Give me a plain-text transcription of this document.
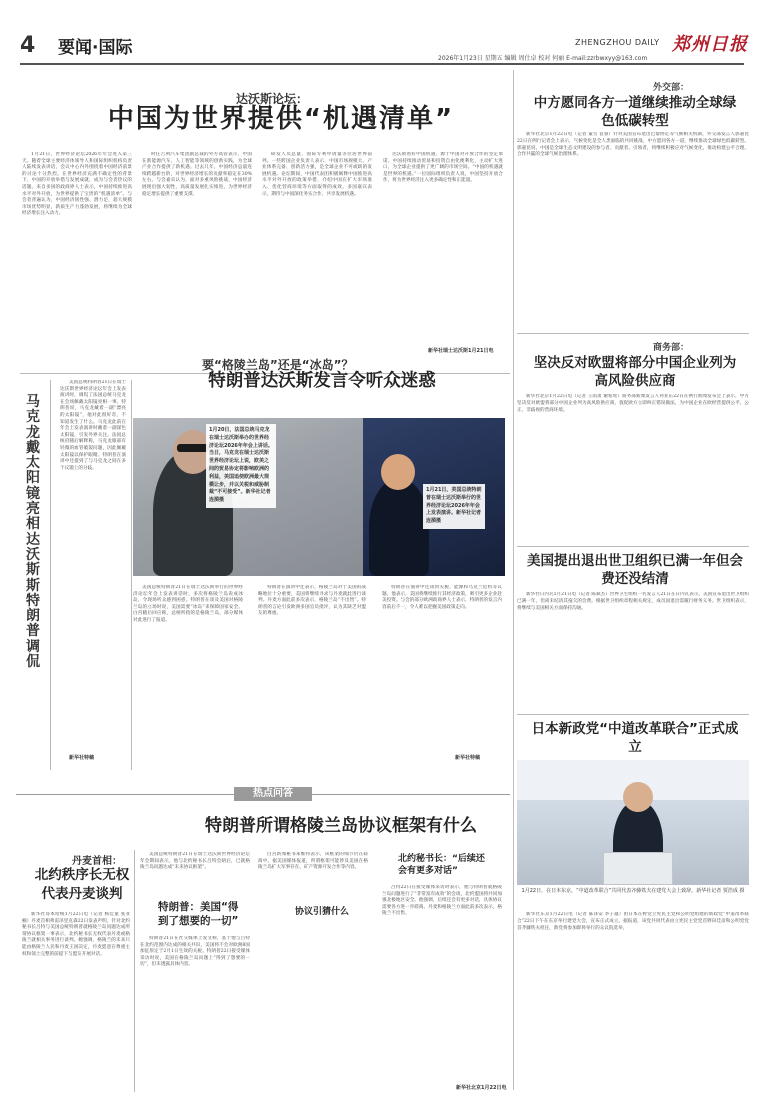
4 要闻·国际	ZHENGZHOU DAILY 郑州日报
2026年1月23日 星期五 编辑 周仕卓 校对 何丽 E-mail:zzrbwxyy@163.com
达沃斯论坛：
中国为世界提供“机遇清单”

1月21日，世界经济论坛2026年年会进入第三天。随着全球主要经济体领导人和国际组织机构负责人陆续发表讲话，会议中心内外围绕着中国经济前景的讨论十分热烈。在世界经济充满不确定性的背景下，中国的开放举措与发展成就，成为与会者热议的话题。来自多国的政商界人士表示，中国持续推进高水平对外开放，为世界提供了宝贵的“机遇清单”。与会者普遍认为，中国经济韧性强、潜力足，超大规模市场优势明显，新质生产力蓬勃发展，将继续为全球经济增长注入动力。

时任吉利汽车集团副总裁的外方高管表示，中国在新能源汽车、人工智能等领域的创新实践，为全球产业合作提供了新机遇。过去几年，中国经济总量连续跨越新台阶，对世界经济增长的贡献率稳定在30%左右。与会嘉宾认为，面对多重风险挑战，中国经济展现出强大韧性，高质量发展扎实推进，为世界经济稳定增长提供了重要支撑。

研发人员总量、国际专利申请量等位居世界前列。一些跨国企业负责人表示，中国市场规模大、产业体系完备、创新活力强，是全球企业不可或缺的发展机遇。论坛期间，中国代表团积极阐释中国推进高水平对外开放的政策举措，介绍中国在扩大市场准入、优化营商环境等方面取得的成效。多国嘉宾表示，期待与中国深化务实合作，共享发展机遇。

达沃斯看好中国机遇，源于中国对开放合作的坚定承诺。中国持续推动贸易和投资自由化便利化，主动扩大进口，为全球企业提供了更广阔的市场空间。“中国的机遇就是世界的机遇。”一位国际组织负责人说，中国坚持开放合作，将为世界经济注入更多确定性和正能量。

新华社瑞士达沃斯1月21日电
马克龙戴太阳镜亮相达沃斯斯特朗普调侃

美国总统特朗普21日在瑞士达沃斯世界经济论坛年会上发表演讲时，调侃了法国总统马克龙在会场佩戴太阳镜亮相一事。特朗普说，马克龙戴着一副“漂亮的太阳镜”，他对此很好奇，不知道发生了什么。马克龙此前在年会上发表演讲时戴着一副深色太阳镜，引发外界关注。法国总统府随后解释称，马克龙眼部有轻微的血管破裂问题，因此佩戴太阳镜以保护眼睛。特朗普在演讲中还提到了与马克龙之间在多个议题上的分歧。

新华社特稿
要“格陵兰岛”还是“冰岛”？
特朗普达沃斯发言令听众迷惑
1月20日，法国总统马克龙在瑞士达沃斯举办的世界经济论坛2026年年会上讲话。当日，马克龙在瑞士达沃斯世界经济论坛上说，欧美之间的贸易协定将影响欧洲的利益，美国追使欧洲最大规模让步，并以关税和威胁制裁“不可接受”。新华社记者连漪摄
1月21日，美国总统特朗普在瑞士达沃斯举行的世界经济论坛2026年年会上发表演讲。新华社记者连漪摄

美国总统特朗普21日在瑞士达沃斯举行的世界经济论坛年会上发表讲话时，多次将格陵兰岛说成冰岛，令现场听众感到困惑。特朗普在谈及美国对格陵兰岛的立场时说，美国需要“冰岛”来保障国家安全。白宫随后回应称，总统所指的是格陵兰岛，部分媒体对此进行了报道。

特朗普在演讲中还表示，格陵兰岛对于美国的战略地位十分重要，美国将继续寻求与丹麦就此进行谈判。丹麦方面此前多次表示，格陵兰岛“不出售”。特朗普的言论引发欧洲多国官员批评，认为其缺乏对盟友的尊重。

特朗普在演讲中还谈到关税、能源和乌克兰危机等议题。他表示，美国将继续推行其经济政策，吸引更多企业赴美投资。与会的部分欧洲政商界人士表示，特朗普的发言内容前后不一，令人难以把握美国政策走向。

新华社特稿
热点问答
特朗普所谓格陵兰岛协议框架有什么
丹麦首相：
北约秩序长无权代表丹麦谈判

新华社哥本哈根1月22日电（记者 杨佳童 张亚楠）丹麦首相弗雷泽里克森22日发表声明，针对北约秘书长吕特与美国总统特朗普就格陵兰岛问题达成所谓协议框架一事表示，北约秘书长无权代表丹麦或格陵兰就相关事务进行谈判。她强调，格陵兰的未来只能由格陵兰人民和丹麦王国决定，丹麦愿意在尊重主权和领土完整的前提下与盟友开展对话。

美国总统特朗普21日在瑞士达沃斯世界经济论坛年会期间表示，他与北约秘书长吕特会晤后，已就格陵兰岛问题达成“未来协议框架”。

特朗普：美国“得到了想要的一切”

特朗普21日在社交媒体上发文称，基于他与吕特在北约范围内达成的相关共识，美国将不会对欧洲8国加征原定于2月1日生效的关税。特朗普22日接受媒体采访时说，美国在格陵兰岛问题上“得到了想要的一切”，但未透露具体内容。

白宫新闻秘书莱维特表示，该框架的细节仍在磋商中。据美国媒体报道，所谓框架可能涉及美国在格陵兰岛扩大军事存在、矿产资源开发合作等内容。

协议引猜什么
北约秘书长：“后续还会有更多对话”

吕特22日在接受媒体采访时表示，他与特朗普就格陵兰岛问题进行了“非常富有成效”的会谈，北约盟国将共同加强北极地区安全。他强调，后续还会有更多对话，具体协议需要各方进一步磋商。丹麦和格陵兰方面此前多次表示，格陵兰不出售。

新华社北京1月22日电
外交部：
中方愿同各方一道继续推动全球绿色低碳转型

新华社北京1月22日电（记者 董雪 袁睿）针对美国宣布退出巴黎协定等气候相关机制，外交部发言人郭嘉昆22日在例行记者会上表示，气候变化是全人类面临的共同挑战，中方愿同各方一道，继续推动全球绿色低碳转型。郭嘉昆说，中国是全球生态文明建设的参与者、贡献者、引领者，将继续积极应对气候变化，推动构建公平合理、合作共赢的全球气候治理体系。

商务部：
坚决反对欧盟将部分中国企业列为高风险供应商

新华社北京1月22日电（记者 王雨萧 谢希瑶）商务部新闻发言人何亚东22日在例行新闻发布会上表示，中方坚决反对欧盟将部分中国企业列为高风险供应商，敦促欧方立即纠正错误做法，为中国企业在欧经营提供公平、公正、非歧视的营商环境。

美国提出退出世卫组织已满一年但会费还没结清

新华社日内瓦1月21日电（记者 陈斌杰）世界卫生组织一名发言人21日在日内瓦表示，美国宣布退出世卫组织已满一年，但尚未结清其拖欠的会费。根据世卫组织章程相关规定，成员国退出需履行财务义务。世卫组织表示，将继续与美国相关方面保持沟通。

日本新政党“中道改革联合”正式成立
1月22日，在日本东京，“中道改革联合”共同代表齐藤铁夫在建党大会上致辞。新华社记者 贾浩成 摄

新华社东京1月22日电（记者 陈泽安 李子越）由日本在野党立宪民主党和公明党组建的新政党“中道改革联合”22日下午在东京举行建党大会，宣布正式成立。据报道，该党共同代表由立宪民主党党首野田佳彦和公明党党首齐藤铁夫担任，新党将参加即将举行的众议院选举。
